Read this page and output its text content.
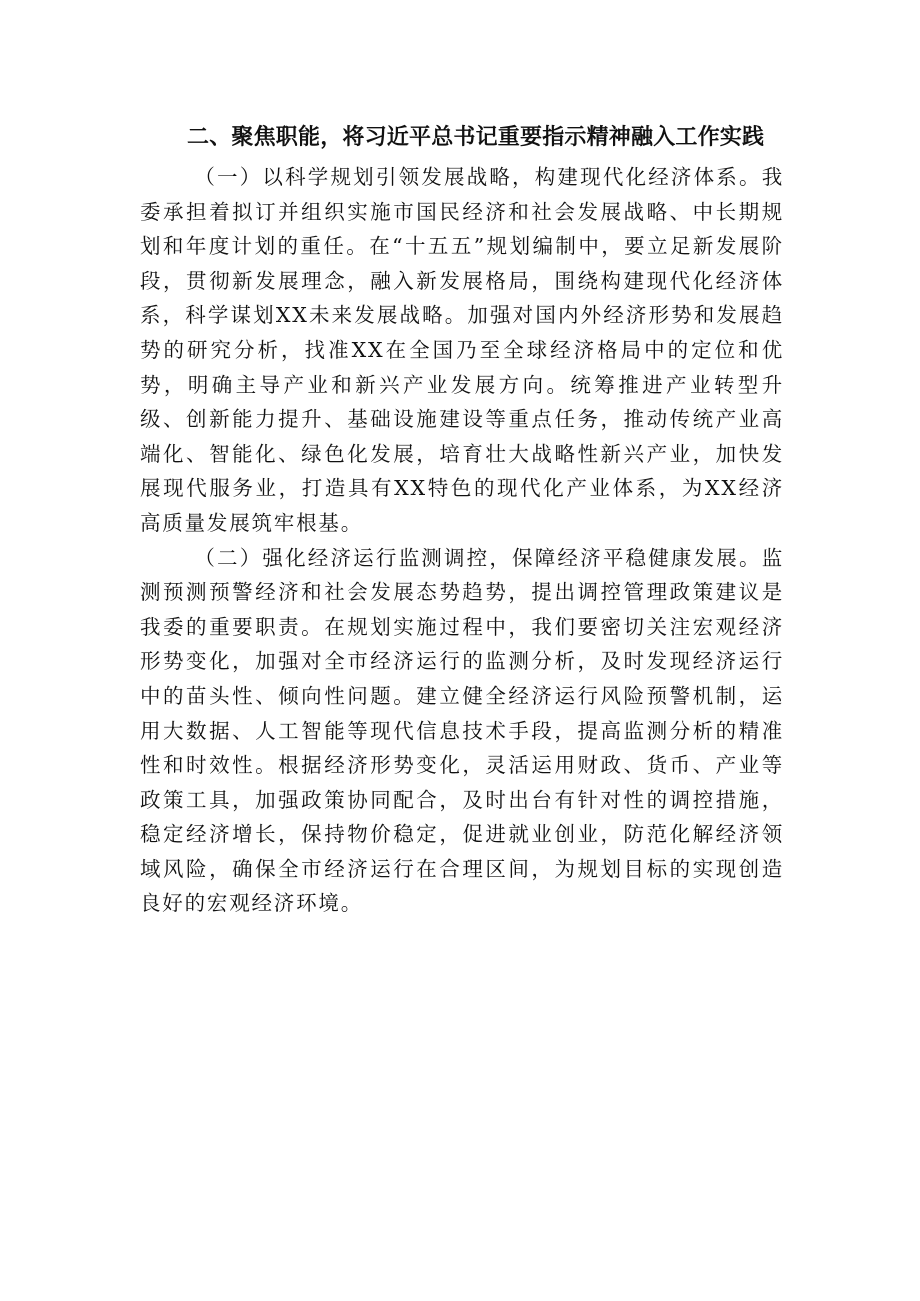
二、聚焦职能，将习近平总书记重要指示精神融入工作实践

（一）以科学规划引领发展战略，构建现代化经济体系。我委承担着拟订并组织实施市国民经济和社会发展战略、中长期规划和年度计划的重任。在“十五五”规划编制中，要立足新发展阶段，贯彻新发展理念，融入新发展格局，围绕构建现代化经济体系，科学谋划XX未来发展战略。加强对国内外经济形势和发展趋势的研究分析，找准XX在全国乃至全球经济格局中的定位和优势，明确主导产业和新兴产业发展方向。统筹推进产业转型升级、创新能力提升、基础设施建设等重点任务，推动传统产业高端化、智能化、绿色化发展，培育壮大战略性新兴产业，加快发展现代服务业，打造具有XX特色的现代化产业体系，为XX经济高质量发展筑牢根基。

（二）强化经济运行监测调控，保障经济平稳健康发展。监测预测预警经济和社会发展态势趋势，提出调控管理政策建议是我委的重要职责。在规划实施过程中，我们要密切关注宏观经济形势变化，加强对全市经济运行的监测分析，及时发现经济运行中的苗头性、倾向性问题。建立健全经济运行风险预警机制，运用大数据、人工智能等现代信息技术手段，提高监测分析的精准性和时效性。根据经济形势变化，灵活运用财政、货币、产业等政策工具，加强政策协同配合，及时出台有针对性的调控措施，稳定经济增长，保持物价稳定，促进就业创业，防范化解经济领域风险，确保全市经济运行在合理区间，为规划目标的实现创造良好的宏观经济环境。
